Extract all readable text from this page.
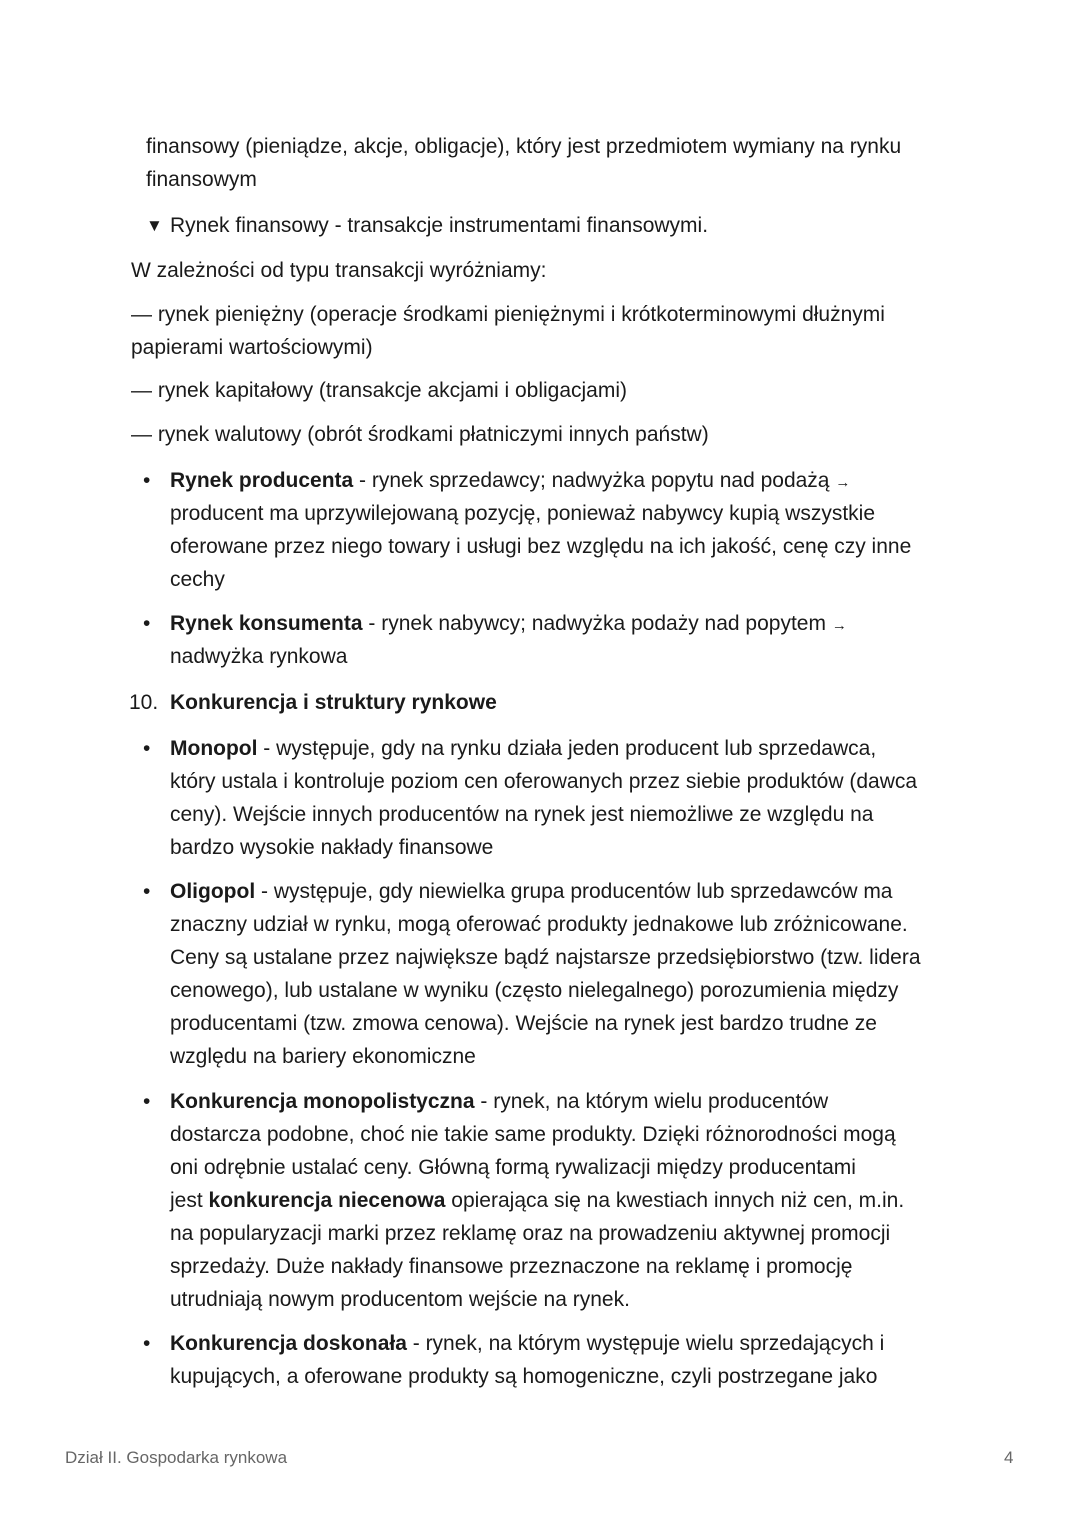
finansowy (pieniądze, akcje, obligacje), który jest przedmiotem wymiany na rynku
finansowym
▼ Rynek finansowy - transakcje instrumentami finansowymi.
W zależności od typu transakcji wyróżniamy:
— rynek pieniężny (operacje środkami pieniężnymi i krótkoterminowymi dłużnymi
papierami wartościowymi)
— rynek kapitałowy (transakcje akcjami i obligacjami)
— rynek walutowy (obrót środkami płatniczymi innych państw)
• Rynek producenta - rynek sprzedawcy; nadwyżka popytu nad podażą →
producent ma uprzywilejowaną pozycję, ponieważ nabywcy kupią wszystkie
oferowane przez niego towary i usługi bez względu na ich jakość, cenę czy inne
cechy
• Rynek konsumenta - rynek nabywcy; nadwyżka podaży nad popytem →
nadwyżka rynkowa
10. Konkurencja i struktury rynkowe
• Monopol - występuje, gdy na rynku działa jeden producent lub sprzedawca,
który ustala i kontroluje poziom cen oferowanych przez siebie produktów (dawca
ceny). Wejście innych producentów na rynek jest niemożliwe ze względu na
bardzo wysokie nakłady finansowe
• Oligopol - występuje, gdy niewielka grupa producentów lub sprzedawców ma
znaczny udział w rynku, mogą oferować produkty jednakowe lub zróżnicowane.
Ceny są ustalane przez największe bądź najstarsze przedsiębiorstwo (tzw. lidera
cenowego), lub ustalane w wyniku (często nielegalnego) porozumienia między
producentami (tzw. zmowa cenowa). Wejście na rynek jest bardzo trudne ze
względu na bariery ekonomiczne
• Konkurencja monopolistyczna - rynek, na którym wielu producentów
dostarcza podobne, choć nie takie same produkty. Dzięki różnorodności mogą
oni odrębnie ustalać ceny. Główną formą rywalizacji między producentami
jest konkurencja niecenowa opierająca się na kwestiach innych niż cen, m.in.
na popularyzacji marki przez reklamę oraz na prowadzeniu aktywnej promocji
sprzedaży. Duże nakłady finansowe przeznaczone na reklamę i promocję
utrudniają nowym producentom wejście na rynek.
• Konkurencja doskonała - rynek, na którym występuje wielu sprzedających i
kupujących, a oferowane produkty są homogeniczne, czyli postrzegane jako
Dział II. Gospodarka rynkowa	4
